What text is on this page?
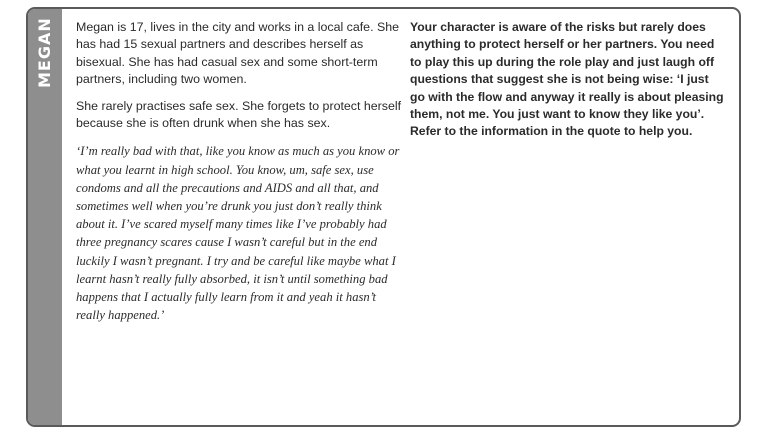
MEGAN	Megan is 17, lives in the city and works in a local cafe. She has had 15 sexual partners and describes herself as bisexual. She has had casual sex and some short-term partners, including two women.

She rarely practises safe sex. She forgets to protect herself because she is often drunk when she has sex.

‘I’m really bad with that, like you know as much as you know or what you learnt in high school. You know, um, safe sex, use condoms and all the precautions and AIDS and all that, and sometimes well when you’re drunk you just don’t really think about it. I’ve scared myself many times like I’ve probably had three pregnancy scares cause I wasn’t careful but in the end luckily I wasn’t pregnant. I try and be careful like maybe what I learnt hasn’t really fully absorbed, it isn’t until something bad happens that I actually fully learn from it and yeah it hasn’t really happened.’

Your character is aware of the risks but rarely does anything to protect herself or her partners. You need to play this up during the role play and just laugh off questions that suggest she is not being wise: ‘I just go with the flow and anyway it really is about pleasing them, not me. You just want to know they like you’. Refer to the information in the quote to help you.
